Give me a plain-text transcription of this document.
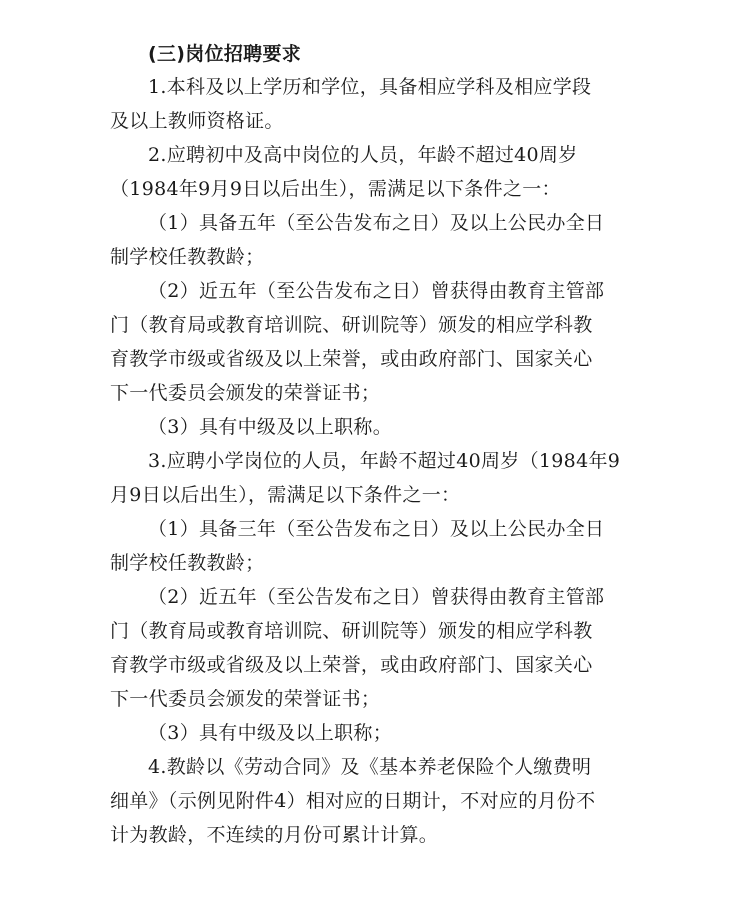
(三)岗位招聘要求
1.本科及以上学历和学位，具备相应学科及相应学段
及以上教师资格证。
2.应聘初中及高中岗位的人员，年龄不超过40周岁
（1984年9月9日以后出生），需满足以下条件之一：
（1）具备五年（至公告发布之日）及以上公民办全日
制学校任教教龄；
（2）近五年（至公告发布之日）曾获得由教育主管部
门（教育局或教育培训院、研训院等）颁发的相应学科教
育教学市级或省级及以上荣誉，或由政府部门、国家关心
下一代委员会颁发的荣誉证书；
（3）具有中级及以上职称。
3.应聘小学岗位的人员，年龄不超过40周岁（1984年9
月9日以后出生），需满足以下条件之一：
（1）具备三年（至公告发布之日）及以上公民办全日
制学校任教教龄；
（2）近五年（至公告发布之日）曾获得由教育主管部
门（教育局或教育培训院、研训院等）颁发的相应学科教
育教学市级或省级及以上荣誉，或由政府部门、国家关心
下一代委员会颁发的荣誉证书；
（3）具有中级及以上职称；
4.教龄以《劳动合同》及《基本养老保险个人缴费明
细单》（示例见附件4）相对应的日期计，不对应的月份不
计为教龄，不连续的月份可累计计算。
